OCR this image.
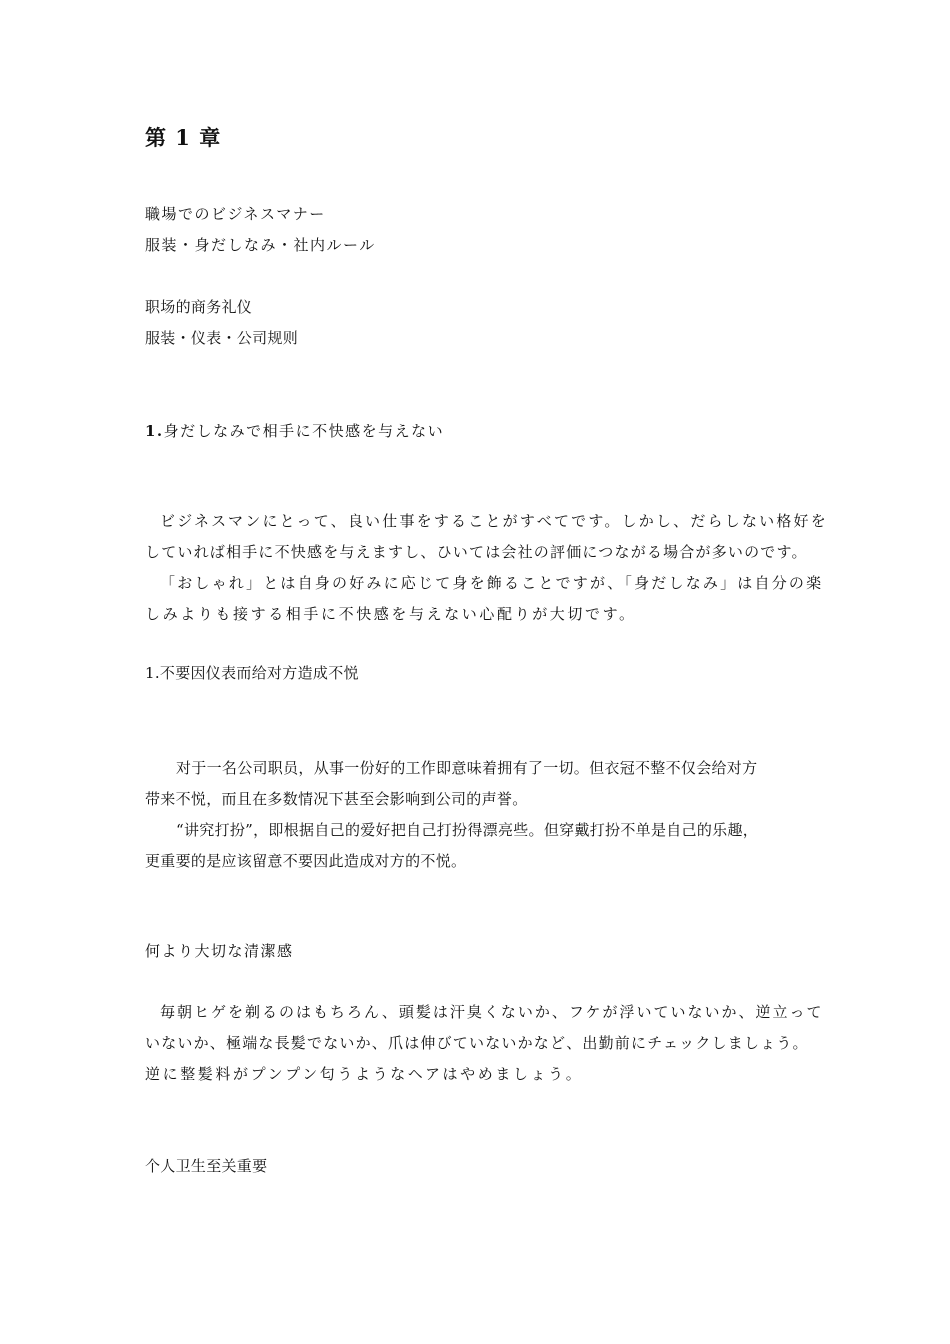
第 1 章

職場でのビジネスマナー

服装・身だしなみ・社内ルール

职场的商务礼仪

服装・仪表・公司规则

1.身だしなみで相手に不快感を与えない

ビジネスマンにとって、良い仕事をすることがすべてです。しかし、だらしない格好を

していれば相手に不快感を与えますし、ひいては会社の評価につながる場合が多いのです。

「おしゃれ」とは自身の好みに応じて身を飾ることですが、「身だしなみ」は自分の楽

しみよりも接する相手に不快感を与えない心配りが大切です。

1.不要因仪表而给对方造成不悦

对于一名公司职员，从事一份好的工作即意味着拥有了一切。但衣冠不整不仅会给对方

带来不悦，而且在多数情况下甚至会影响到公司的声誉。

“讲究打扮”，即根据自己的爱好把自己打扮得漂亮些。但穿戴打扮不单是自己的乐趣，

更重要的是应该留意不要因此造成对方的不悦。

何より大切な清潔感

毎朝ヒゲを剃るのはもちろん、頭髪は汗臭くないか、フケが浮いていないか、逆立って

いないか、極端な長髪でないか、爪は伸びていないかなど、出勤前にチェックしましょう。

逆に整髪料がプンプン匂うようなヘアはやめましょう。

个人卫生至关重要
